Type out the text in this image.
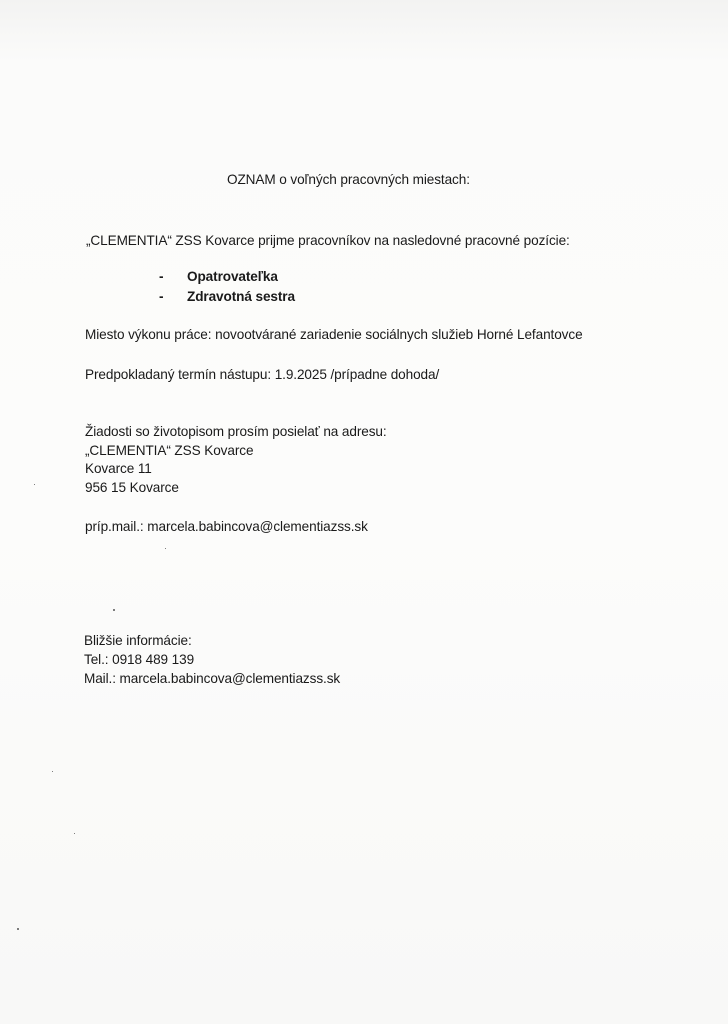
OZNAM o voľných pracovných miestach:
„CLEMENTIA“ ZSS Kovarce prijme pracovníkov na nasledovné pracovné pozície:
- Opatrovateľka
- Zdravotná sestra
Miesto výkonu práce: novootvárané zariadenie sociálnych služieb Horné Lefantovce
Predpokladaný termín nástupu: 1.9.2025 /prípadne dohoda/
Žiadosti so životopisom prosím posielať na adresu:
„CLEMENTIA“ ZSS Kovarce
Kovarce 11
956 15 Kovarce
príp.mail.: marcela.babincova@clementiazss.sk
Bližšie informácie:
Tel.: 0918 489 139
Mail.: marcela.babincova@clementiazss.sk
